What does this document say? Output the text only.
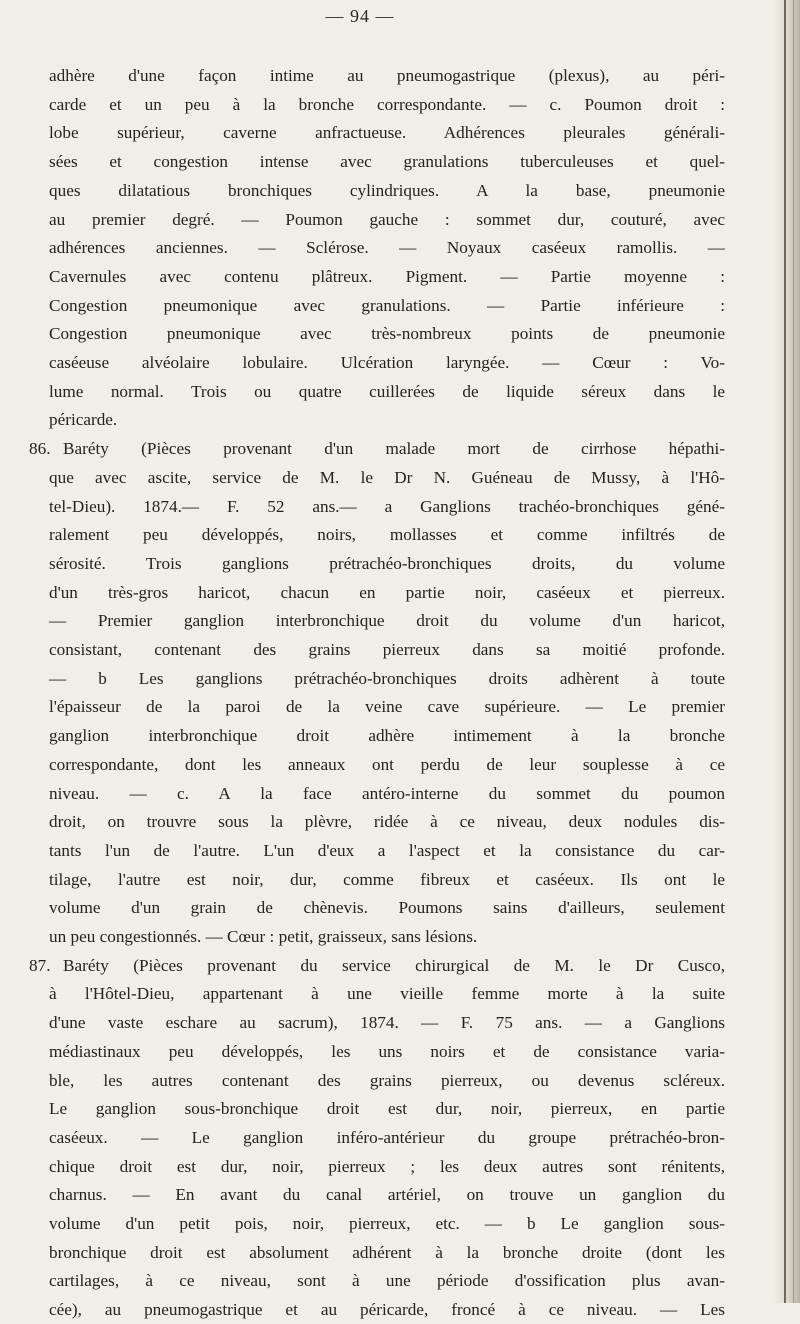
— 94 —
adhère d'une façon intime au pneumogastrique (plexus), au péri-
carde et un peu à la bronche correspondante. — c. Poumon droit :
lobe supérieur, caverne anfractueuse. Adhérences pleurales générali-
sées et congestion intense avec granulations tuberculeuses et quel-
ques dilatatious bronchiques cylindriques. A la base, pneumonie
au premier degré. — Poumon gauche : sommet dur, couturé, avec
adhérences anciennes. — Sclérose. — Noyaux caséeux ramollis. —
Cavernules avec contenu plâtreux. Pigment. — Partie moyenne :
Congestion pneumonique avec granulations. — Partie inférieure :
Congestion pneumonique avec très-nombreux points de pneumonie
caséeuse alvéolaire lobulaire. Ulcération laryngée. — Cœur : Vo-
lume normal. Trois ou quatre cuillerées de liquide séreux dans le
péricarde.
Baréty (Pièces provenant d'un malade mort de cirrhose hépathi-
86.
que avec ascite, service de M. le Dr N. Guéneau de Mussy, à l'Hô-
tel-Dieu). 1874.— F. 52 ans.— a Ganglions trachéo-bronchiques géné-
ralement peu développés, noirs, mollasses et comme infiltrés de
sérosité. Trois ganglions prétrachéo-bronchiques droits, du volume
d'un très-gros haricot, chacun en partie noir, caséeux et pierreux.
— Premier ganglion interbronchique droit du volume d'un haricot,
consistant, contenant des grains pierreux dans sa moitié profonde.
— b Les ganglions prétrachéo-bronchiques droits adhèrent à toute
l'épaisseur de la paroi de la veine cave supérieure. — Le premier
ganglion interbronchique droit adhère intimement à la bronche
correspondante, dont les anneaux ont perdu de leur souplesse à ce
niveau. — c. A la face antéro-interne du sommet du poumon
droit, on trouvre sous la plèvre, ridée à ce niveau, deux nodules dis-
tants l'un de l'autre. L'un d'eux a l'aspect et la consistance du car-
tilage, l'autre est noir, dur, comme fibreux et caséeux. Ils ont le
volume d'un grain de chènevis. Poumons sains d'ailleurs, seulement
un peu congestionnés. — Cœur : petit, graisseux, sans lésions.
Baréty (Pièces provenant du service chirurgical de M. le Dr Cusco,
87.
à l'Hôtel-Dieu, appartenant à une vieille femme morte à la suite
d'une vaste eschare au sacrum), 1874. — F. 75 ans. — a Ganglions
médiastinaux peu développés, les uns noirs et de consistance varia-
ble, les autres contenant des grains pierreux, ou devenus scléreux.
Le ganglion sous-bronchique droit est dur, noir, pierreux, en partie
caséeux. — Le ganglion inféro-antérieur du groupe prétrachéo-bron-
chique droit est dur, noir, pierreux ; les deux autres sont rénitents,
charnus. — En avant du canal artériel, on trouve un ganglion du
volume d'un petit pois, noir, pierreux, etc. — b Le ganglion sous-
bronchique droit est absolument adhérent à la bronche droite (dont les
cartilages, à ce niveau, sont à une période d'ossification plus avan-
cée), au pneumogastrique et au péricarde, froncé à ce niveau. — Les
